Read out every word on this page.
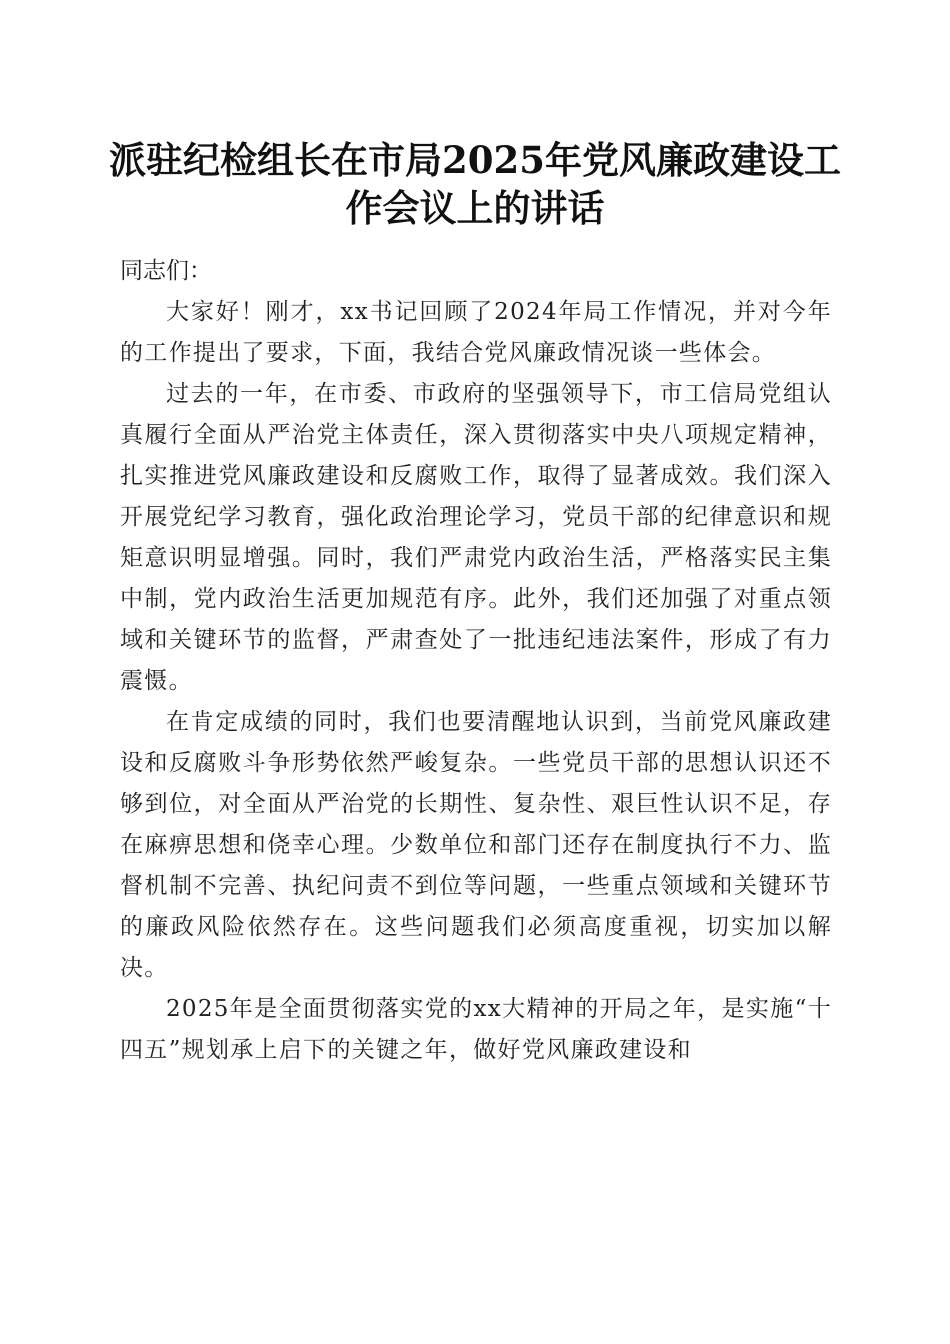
派驻纪检组长在市局2025年党风廉政建设工
作会议上的讲话

同志们：

大家好！刚才，xx书记回顾了2024年局工作情况，并对今年的工作提出了要求，下面，我结合党风廉政情况谈一些体会。

过去的一年，在市委、市政府的坚强领导下，市工信局党组认真履行全面从严治党主体责任，深入贯彻落实中央八项规定精神，扎实推进党风廉政建设和反腐败工作，取得了显著成效。我们深入开展党纪学习教育，强化政治理论学习，党员干部的纪律意识和规矩意识明显增强。同时，我们严肃党内政治生活，严格落实民主集中制，党内政治生活更加规范有序。此外，我们还加强了对重点领域和关键环节的监督，严肃查处了一批违纪违法案件，形成了有力震慑。

在肯定成绩的同时，我们也要清醒地认识到，当前党风廉政建设和反腐败斗争形势依然严峻复杂。一些党员干部的思想认识还不够到位，对全面从严治党的长期性、复杂性、艰巨性认识不足，存在麻痹思想和侥幸心理。少数单位和部门还存在制度执行不力、监督机制不完善、执纪问责不到位等问题，一些重点领域和关键环节的廉政风险依然存在。这些问题我们必须高度重视，切实加以解决。

2025年是全面贯彻落实党的xx大精神的开局之年，是实施“十四五”规划承上启下的关键之年，做好党风廉政建设和
